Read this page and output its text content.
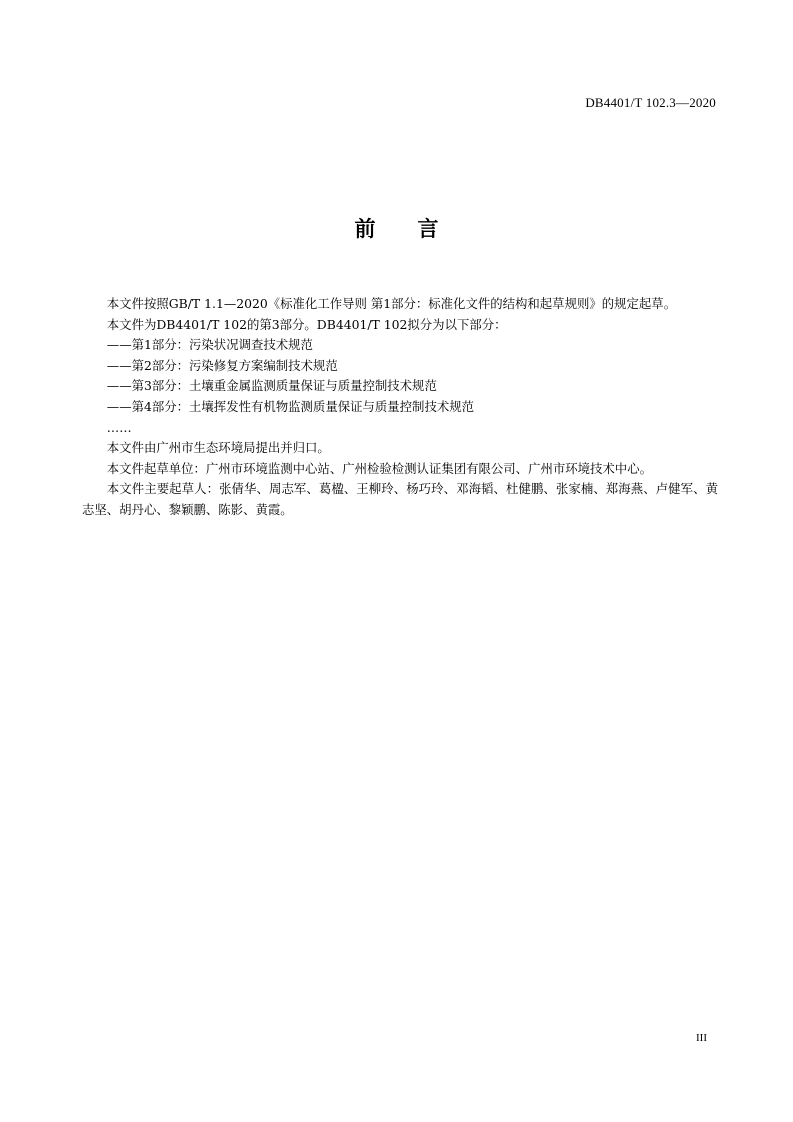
DB4401/T 102.3—2020
前 言

本文件按照GB/T 1.1—2020《标准化工作导则 第1部分：标准化文件的结构和起草规则》的规定起草。

本文件为DB4401/T 102的第3部分。DB4401/T 102拟分为以下部分：

——第1部分：污染状况调查技术规范

——第2部分：污染修复方案编制技术规范

——第3部分：土壤重金属监测质量保证与质量控制技术规范

——第4部分：土壤挥发性有机物监测质量保证与质量控制技术规范

……

本文件由广州市生态环境局提出并归口。

本文件起草单位：广州市环境监测中心站、广州检验检测认证集团有限公司、广州市环境技术中心。

本文件主要起草人：张倩华、周志军、葛楹、王柳玲、杨巧玲、邓海韬、杜健鹏、张家楠、郑海燕、卢健军、黄志坚、胡丹心、黎颖鹏、陈影、黄霞。

III
